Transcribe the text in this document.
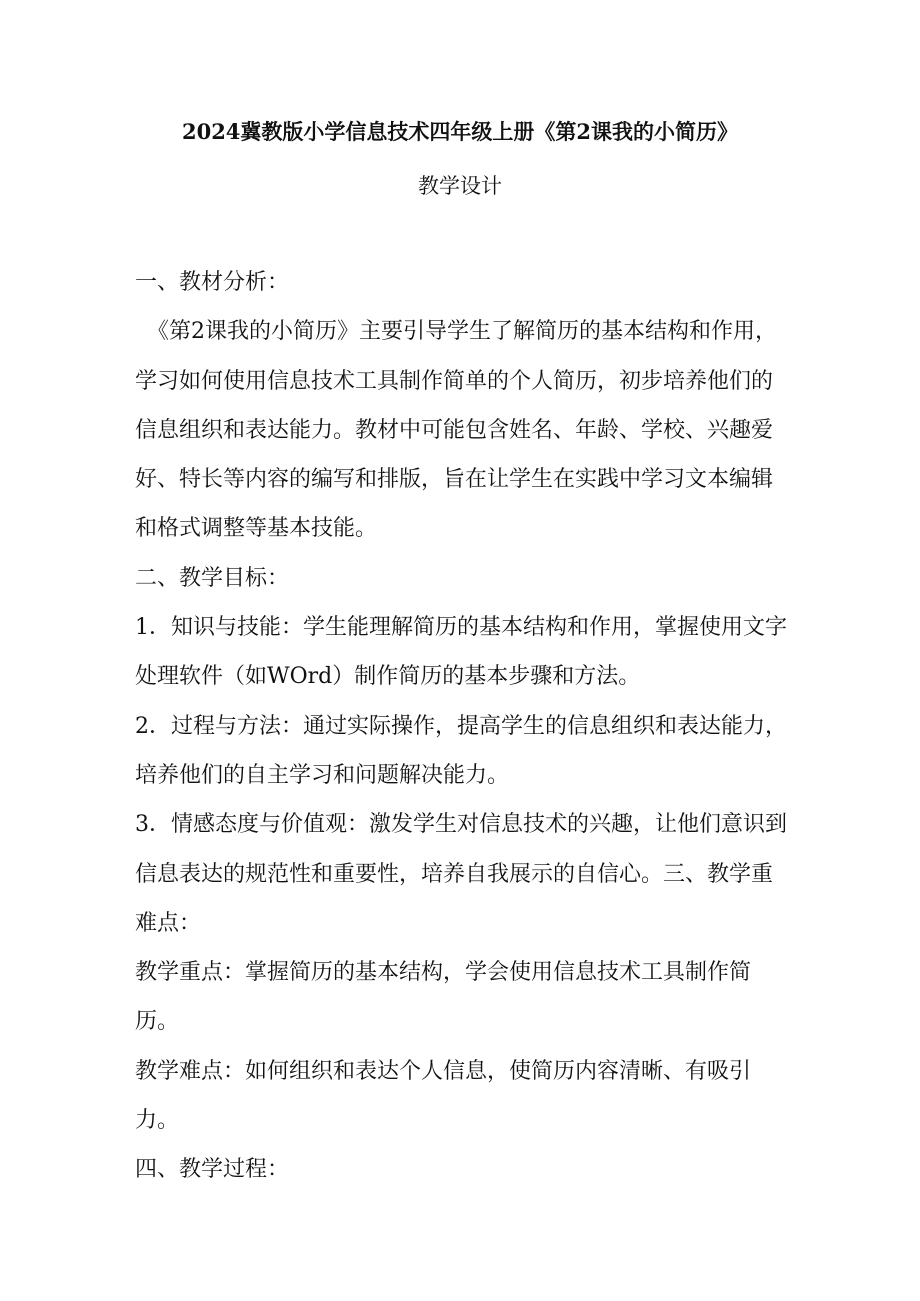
2024冀教版小学信息技术四年级上册《第2课我的小简历》
教学设计

一、教材分析：

《第2课我的小简历》主要引导学生了解简历的基本结构和作用，学习如何使用信息技术工具制作简单的个人简历，初步培养他们的信息组织和表达能力。教材中可能包含姓名、年龄、学校、兴趣爱好、特长等内容的编写和排版，旨在让学生在实践中学习文本编辑和格式调整等基本技能。

二、教学目标：

1．知识与技能：学生能理解简历的基本结构和作用，掌握使用文字处理软件（如WOrd）制作简历的基本步骤和方法。

2．过程与方法：通过实际操作，提高学生的信息组织和表达能力，培养他们的自主学习和问题解决能力。

3．情感态度与价值观：激发学生对信息技术的兴趣，让他们意识到信息表达的规范性和重要性，培养自我展示的自信心。三、教学重难点：

教学重点：掌握简历的基本结构，学会使用信息技术工具制作简历。

教学难点：如何组织和表达个人信息，使简历内容清晰、有吸引力。

四、教学过程：
